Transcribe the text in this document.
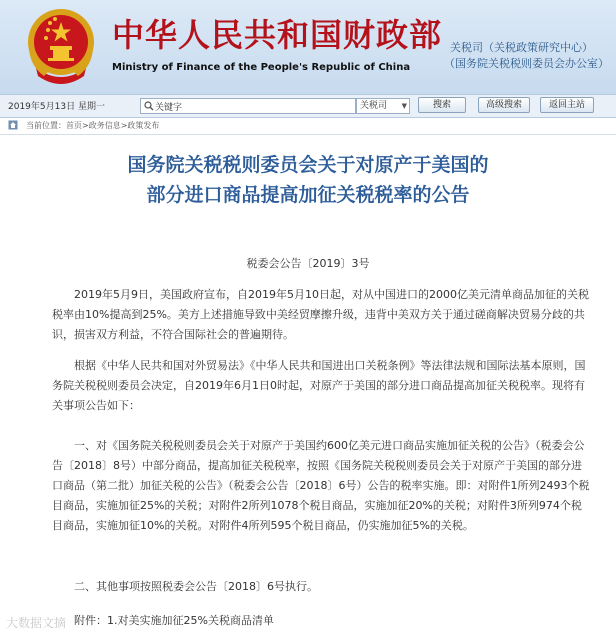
中华人民共和国财政部
Ministry of Finance of the People's Republic of China
关税司（关税政策研究中心）
（国务院关税税则委员会办公室）
2019年5月13日 星期一
关键字	关税司 ▼	搜索	高级搜索	返回主站
当前位置：首页>政务信息>政策发布
国务院关税税则委员会关于对原产于美国的
部分进口商品提高加征关税税率的公告
税委会公告〔2019〕3号

2019年5月9日，美国政府宣布，自2019年5月10日起，对从中国进口的2000亿美元清单商品加征的关税税率由10%提高到25%。美方上述措施导致中美经贸摩擦升级，违背中美双方关于通过磋商解决贸易分歧的共识，损害双方利益，不符合国际社会的普遍期待。

根据《中华人民共和国对外贸易法》《中华人民共和国进出口关税条例》等法律法规和国际法基本原则，国务院关税税则委员会决定，自2019年6月1日0时起，对原产于美国的部分进口商品提高加征关税税率。现将有关事项公告如下：

一、对《国务院关税税则委员会关于对原产于美国约600亿美元进口商品实施加征关税的公告》（税委会公告〔2018〕8号）中部分商品，提高加征关税税率，按照《国务院关税税则委员会关于对原产于美国的部分进口商品（第二批）加征关税的公告》（税委会公告〔2018〕6号）公告的税率实施。即：对附件1所列2493个税目商品，实施加征25%的关税；对附件2所列1078个税目商品，实施加征20%的关税；对附件3所列974个税目商品，实施加征10%的关税。对附件4所列595个税目商品，仍实施加征5%的关税。

二、其他事项按照税委会公告〔2018〕6号执行。

附件：1.对美实施加征25%关税商品清单

大数据文摘
